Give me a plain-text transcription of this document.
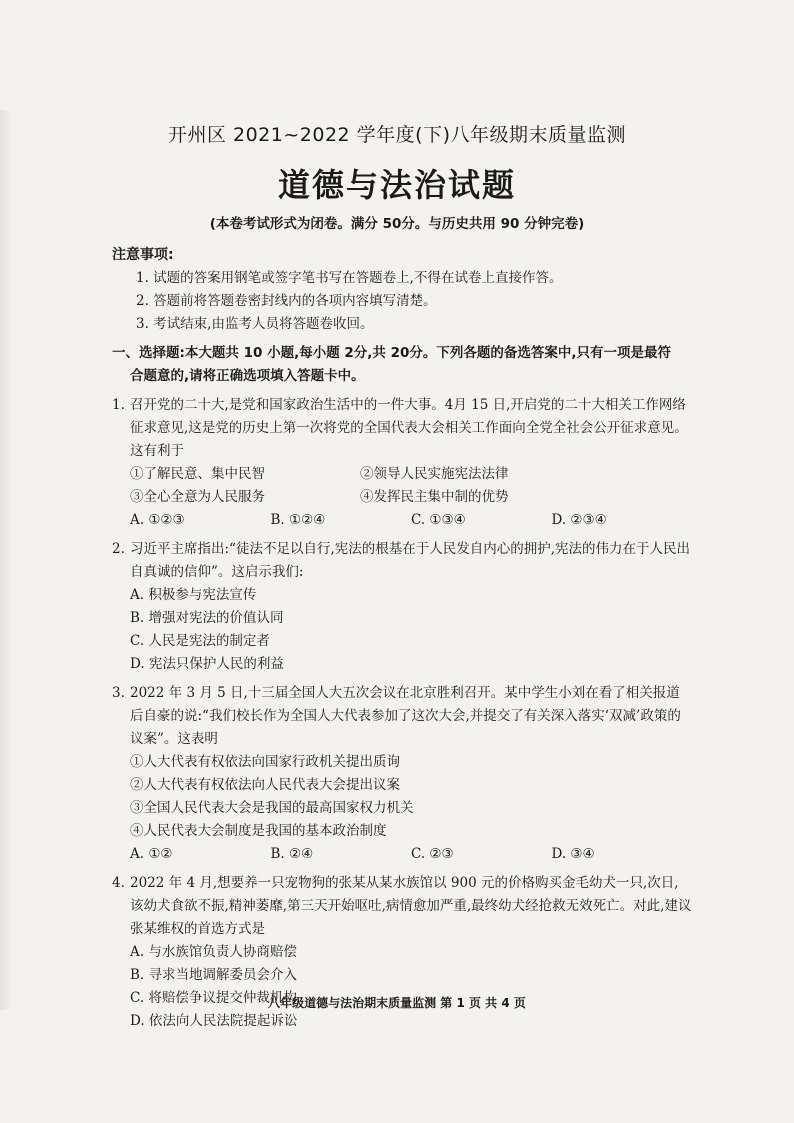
开州区 2021~2022 学年度(下)八年级期末质量监测
道德与法治试题
(本卷考试形式为闭卷。满分 50分。与历史共用 90 分钟完卷)
注意事项:
1. 试题的答案用钢笔或签字笔书写在答题卷上,不得在试卷上直接作答。
2. 答题前将答题卷密封线内的各项内容填写清楚。
3. 考试结束,由监考人员将答题卷收回。
一、选择题:本大题共 10 小题,每小题 2分,共 20分。下列各题的备选答案中,只有一项是最符
合题意的,请将正确选项填入答题卡中。
1. 召开党的二十大,是党和国家政治生活中的一件大事。4月 15 日,开启党的二十大相关工作网络征求意见,这是党的历史上第一次将党的全国代表大会相关工作面向全党全社会公开征求意见。这有利于
①了解民意、集中民智	②领导人民实施宪法法律
③全心全意为人民服务	④发挥民主集中制的优势
A. ①②③	B. ①②④	C. ①③④	D. ②③④
2. 习近平主席指出:“徒法不足以自行,宪法的根基在于人民发自内心的拥护,宪法的伟力在于人民出自真诚的信仰”。这启示我们:
A. 积极参与宪法宣传
B. 增强对宪法的价值认同
C. 人民是宪法的制定者
D. 宪法只保护人民的利益
3. 2022 年 3 月 5 日,十三届全国人大五次会议在北京胜利召开。某中学生小刘在看了相关报道后自豪的说:“我们校长作为全国人大代表参加了这次大会,并提交了有关深入落实‘双减’政策的议案”。这表明
①人大代表有权依法向国家行政机关提出质询
②人大代表有权依法向人民代表大会提出议案
③全国人民代表大会是我国的最高国家权力机关
④人民代表大会制度是我国的基本政治制度
A. ①②	B. ②④	C. ②③	D. ③④
4. 2022 年 4 月,想要养一只宠物狗的张某从某水族馆以 900 元的价格购买金毛幼犬一只,次日,该幼犬食欲不振,精神萎靡,第三天开始呕吐,病情愈加严重,最终幼犬经抢救无效死亡。对此,建议张某维权的首选方式是
A. 与水族馆负责人协商赔偿
B. 寻求当地调解委员会介入
C. 将赔偿争议提交仲裁机构
D. 依法向人民法院提起诉讼
八年级道德与法治期末质量监测 第 1 页 共 4 页
